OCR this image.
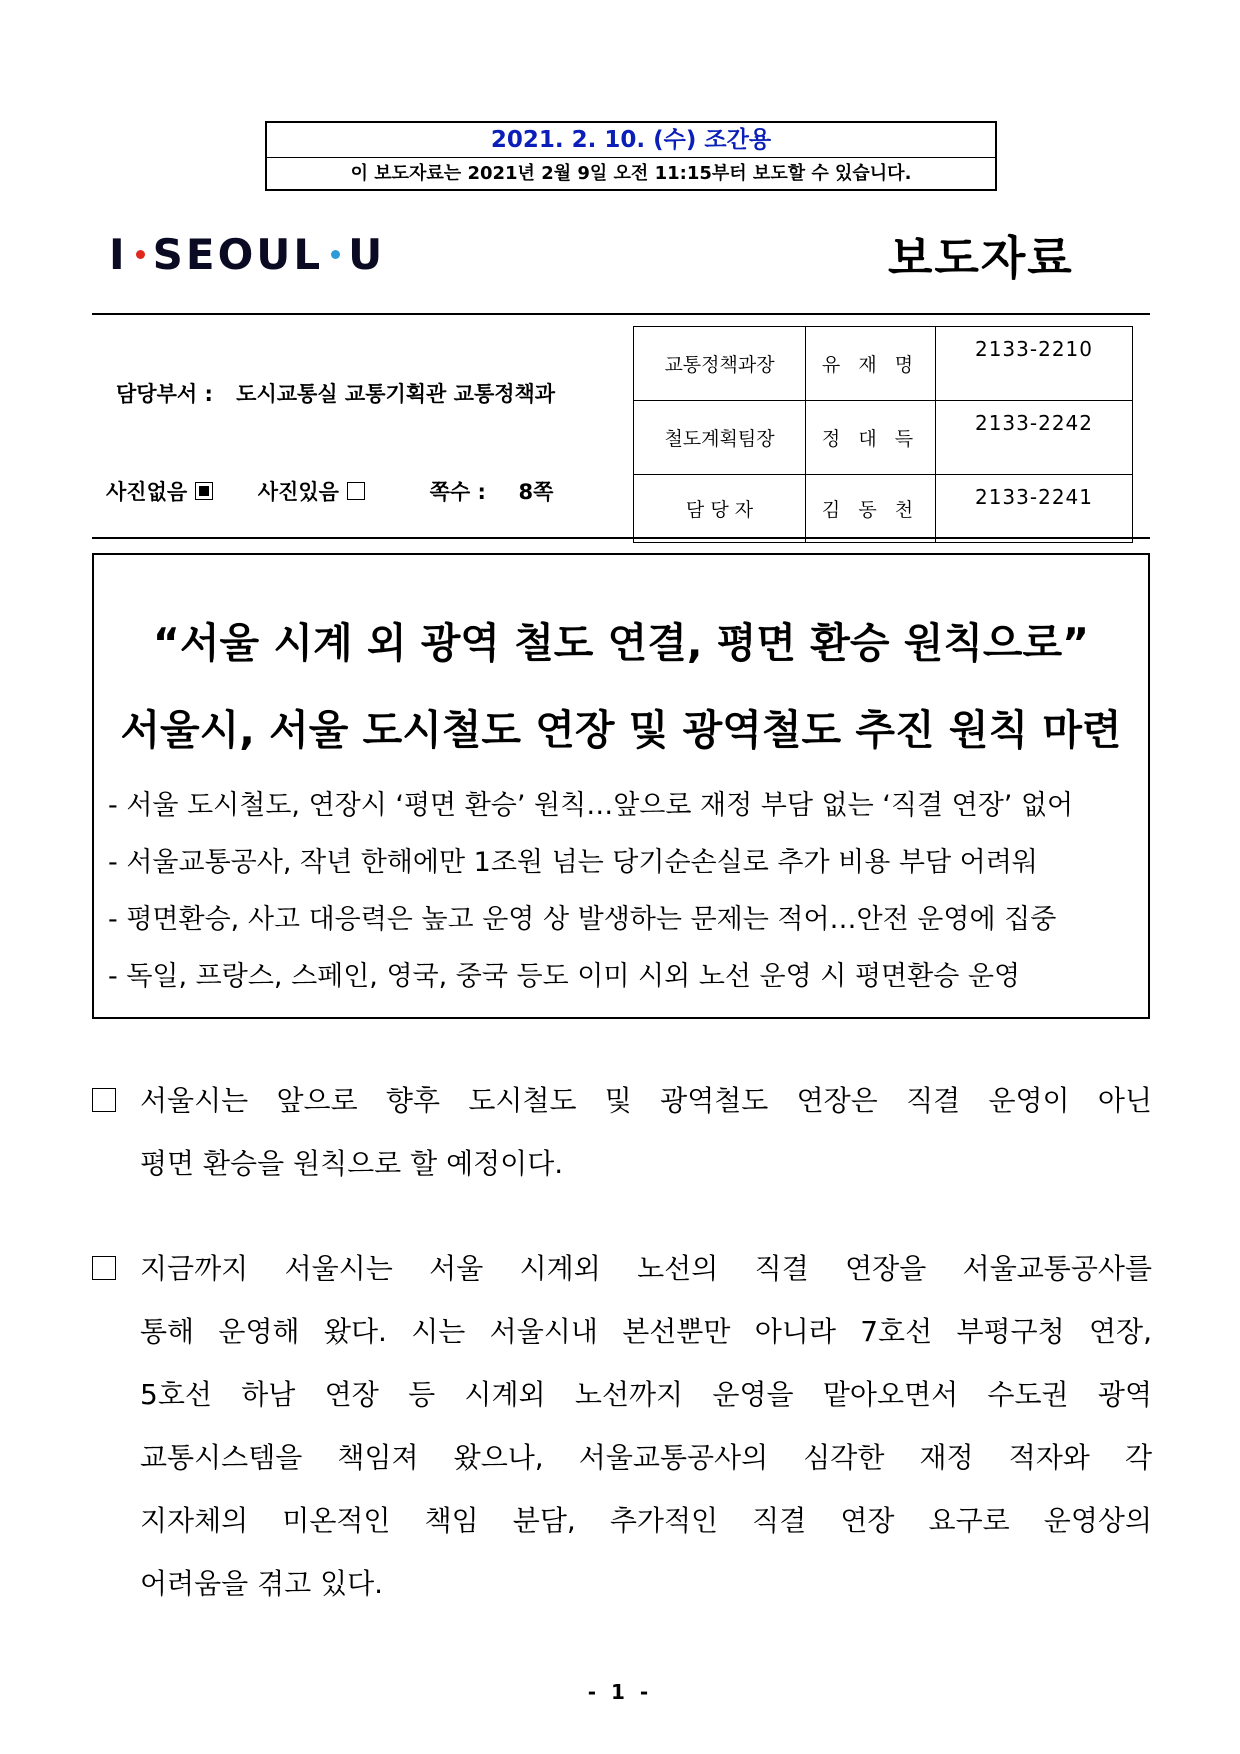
2021. 2. 10. (수) 조간용
이 보도자료는 2021년 2월 9일 오전 11:15부터 보도할 수 있습니다.
I SEOUL U	보도자료
담당부서 : 도시교통실 교통기획관 교통정책과
사진없음	사진있음	쪽수 : 8쪽
교통정책과장	유 재 명	2133-2210
철도계획팀장	정 대 득	2133-2242
담 당 자	김 동 천	2133-2241
“서울 시계 외 광역 철도 연결, 평면 환승 원칙으로”
서울시, 서울 도시철도 연장 및 광역철도 추진 원칙 마련
- 서울 도시철도, 연장시 ‘평면 환승’ 원칙…앞으로 재정 부담 없는 ‘직결 연장’ 없어
- 서울교통공사, 작년 한해에만 1조원 넘는 당기순손실로 추가 비용 부담 어려워
- 평면환승, 사고 대응력은 높고 운영 상 발생하는 문제는 적어…안전 운영에 집중
- 독일, 프랑스, 스페인, 영국, 중국 등도 이미 시외 노선 운영 시 평면환승 운영
서울시는 앞으로 향후 도시철도 및 광역철도 연장은 직결 운영이 아닌
평면 환승을 원칙으로 할 예정이다.
지금까지 서울시는 서울 시계외 노선의 직결 연장을 서울교통공사를
통해 운영해 왔다. 시는 서울시내 본선뿐만 아니라 7호선 부평구청 연장,
5호선 하남 연장 등 시계외 노선까지 운영을 맡아오면서 수도권 광역
교통시스템을 책임져 왔으나, 서울교통공사의 심각한 재정 적자와 각
지자체의 미온적인 책임 분담, 추가적인 직결 연장 요구로 운영상의
어려움을 겪고 있다.
- 1 -
